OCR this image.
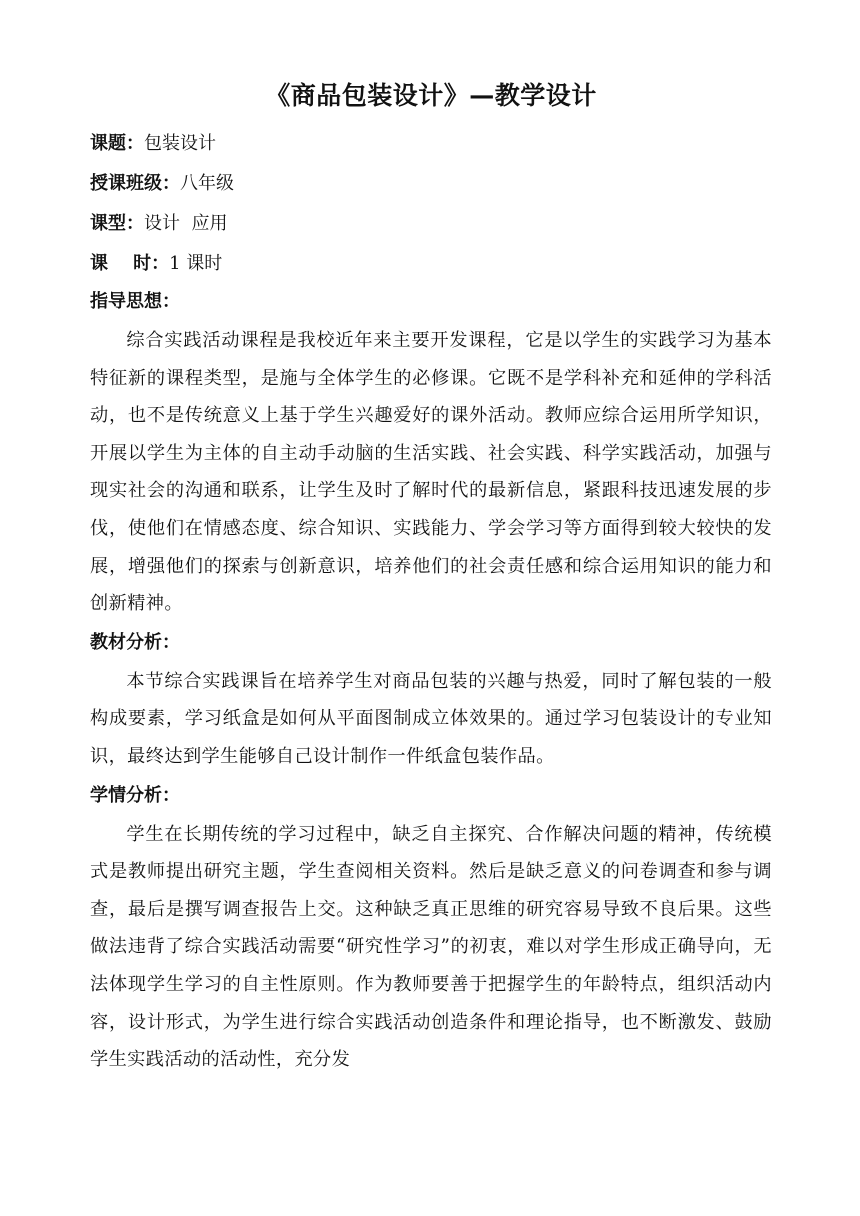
《商品包装设计》—教学设计
课题：包装设计
授课班级：八年级
课型：设计  应用
课    时：1 课时
指导思想：

综合实践活动课程是我校近年来主要开发课程，它是以学生的实践学习为基本特征新的课程类型，是施与全体学生的必修课。它既不是学科补充和延伸的学科活动，也不是传统意义上基于学生兴趣爱好的课外活动。教师应综合运用所学知识，开展以学生为主体的自主动手动脑的生活实践、社会实践、科学实践活动，加强与现实社会的沟通和联系，让学生及时了解时代的最新信息，紧跟科技迅速发展的步伐，使他们在情感态度、综合知识、实践能力、学会学习等方面得到较大较快的发展，增强他们的探索与创新意识，培养他们的社会责任感和综合运用知识的能力和创新精神。

教材分析：

本节综合实践课旨在培养学生对商品包装的兴趣与热爱，同时了解包装的一般构成要素，学习纸盒是如何从平面图制成立体效果的。通过学习包装设计的专业知识，最终达到学生能够自己设计制作一件纸盒包装作品。

学情分析：

学生在长期传统的学习过程中，缺乏自主探究、合作解决问题的精神，传统模式是教师提出研究主题，学生查阅相关资料。然后是缺乏意义的问卷调查和参与调查，最后是撰写调查报告上交。这种缺乏真正思维的研究容易导致不良后果。这些做法违背了综合实践活动需要“研究性学习”的初衷，难以对学生形成正确导向，无法体现学生学习的自主性原则。作为教师要善于把握学生的年龄特点，组织活动内容，设计形式，为学生进行综合实践活动创造条件和理论指导，也不断激发、鼓励学生实践活动的活动性，充分发
